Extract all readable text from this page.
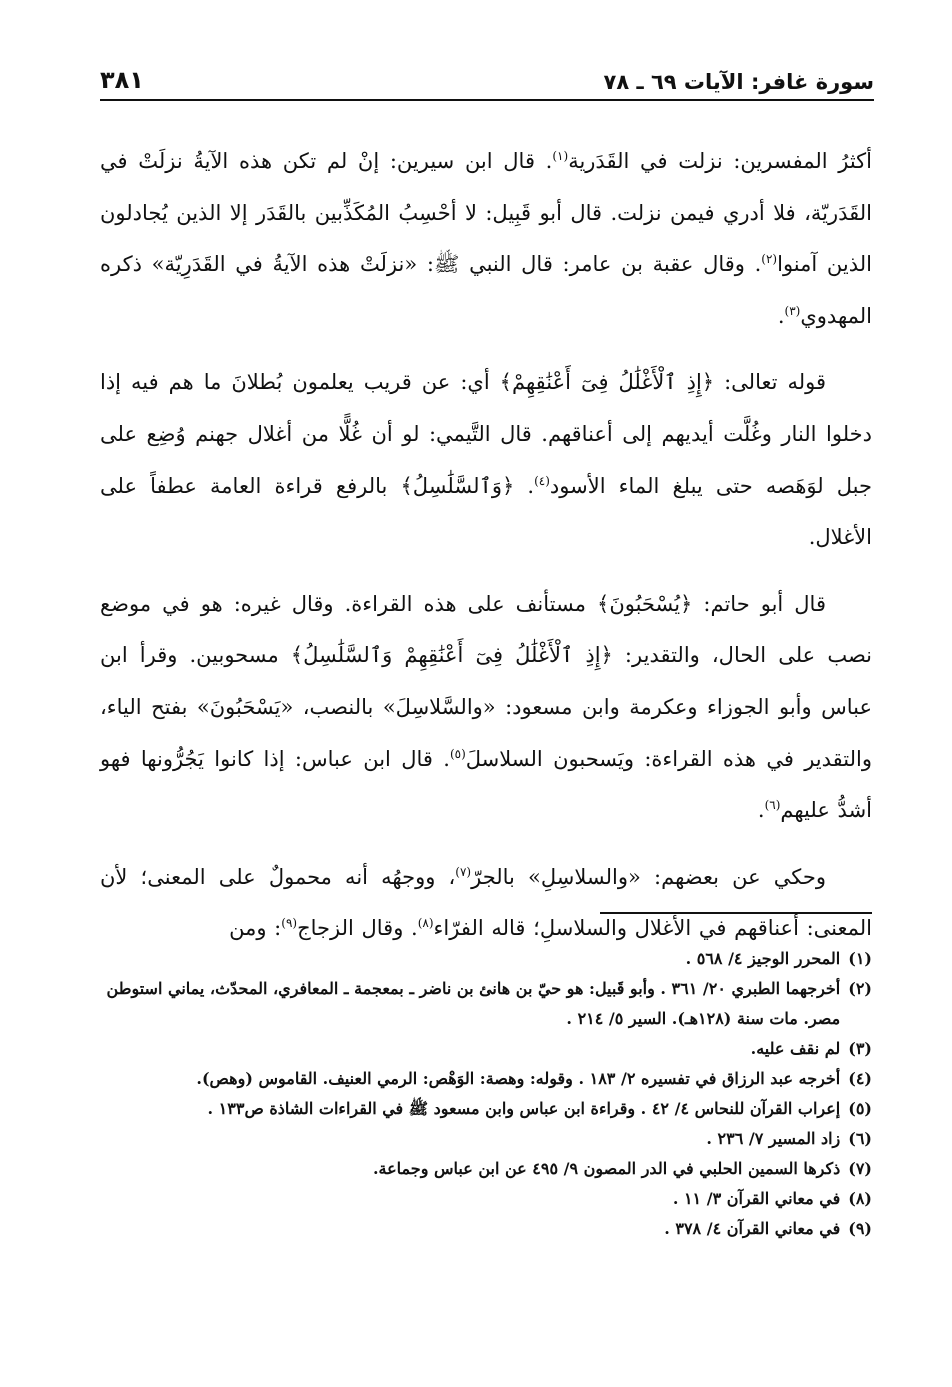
سورة غافر: الآيات ٦٩ ـ ٧٨
٣٨١

أكثرُ المفسرين: نزلت في القَدَرية$^{(١)}$. قال ابن سيرين: إنْ لم تكن هذه الآيةُ نزلَتْ في القَدَريّة، فلا أدري فيمن نزلت. قال أبو قَبِيل: لا أحْسِبُ المُكَذِّبين بالقَدَر إلا الذين يُجادلون الذين آمنوا$^{(٢)}$. وقال عقبة بن عامر: قال النبي ﷺ: «نزلَتْ هذه الآيةُ في القَدَرِيّة» ذكره المهدوي$^{(٣)}$.

قوله تعالى: ﴿إِذِ ٱلْأَغْلَٰلُ فِىٓ أَعْنَٰقِهِمْ﴾ أي: عن قريب يعلمون بُطلانَ ما هم فيه إذا دخلوا النار وغُلَّت أيديهم إلى أعناقهم. قال التَّيمي: لو أن غُلًّا من أغلال جهنم وُضِع على جبل لوَهَصه حتى يبلغ الماء الأسود$^{(٤)}$. ﴿وَٱلسَّلَٰسِلُ﴾ بالرفع قراءة العامة عطفاً على الأغلال.

قال أبو حاتم: ﴿يُسْحَبُونَ﴾ مستأنف على هذه القراءة. وقال غيره: هو في موضع نصب على الحال، والتقدير: ﴿إِذِ ٱلْأَغْلَٰلُ فِىٓ أَعْنَٰقِهِمْ وَٱلسَّلَٰسِلُ﴾ مسحوبين. وقرأ ابن عباس وأبو الجوزاء وعكرمة وابن مسعود: «والسَّلاسِلَ» بالنصب، «يَسْحَبُونَ» بفتح الياء، والتقدير في هذه القراءة: ويَسحبون السلاسلَ$^{(٥)}$. قال ابن عباس: إذا كانوا يَجُرُّونها فهو أشدُّ عليهم$^{(٦)}$.

وحكي عن بعضهم: «والسلاسِلِ» بالجرّ$^{(٧)}$، ووجهُه أنه محمولٌ على المعنى؛ لأن المعنى: أعناقهم في الأغلال والسلاسلِ؛ قاله الفرّاء$^{(٨)}$. وقال الزجاج$^{(٩)}$: ومن

(١)
المحرر الوجيز ٤/ ٥٦٨ .
(٢)
أخرجهما الطبري ٢٠/ ٣٦١ . وأبو قَبيل: هو حيّ بن هانئ بن ناضر ـ بمعجمة ـ المعافري، المحدّث، يماني استوطن مصر. مات سنة (١٢٨هـ). السير ٥/ ٢١٤ .
(٣)
لم نقف عليه.
(٤)
أخرجه عبد الرزاق في تفسيره ٢/ ١٨٣ . وقوله: وهصة: الوَهْص: الرمي العنيف. القاموس (وهص).
(٥)
إعراب القرآن للنحاس ٤/ ٤٢ . وقراءة ابن عباس وابن مسعود ﷺ في القراءات الشاذة ص١٣٣ .
(٦)
زاد المسير ٧/ ٢٣٦ .
(٧)
ذكرها السمين الحلبي في الدر المصون ٩/ ٤٩٥ عن ابن عباس وجماعة.
(٨)
في معاني القرآن ٣/ ١١ .
(٩)
في معاني القرآن ٤/ ٣٧٨ .
